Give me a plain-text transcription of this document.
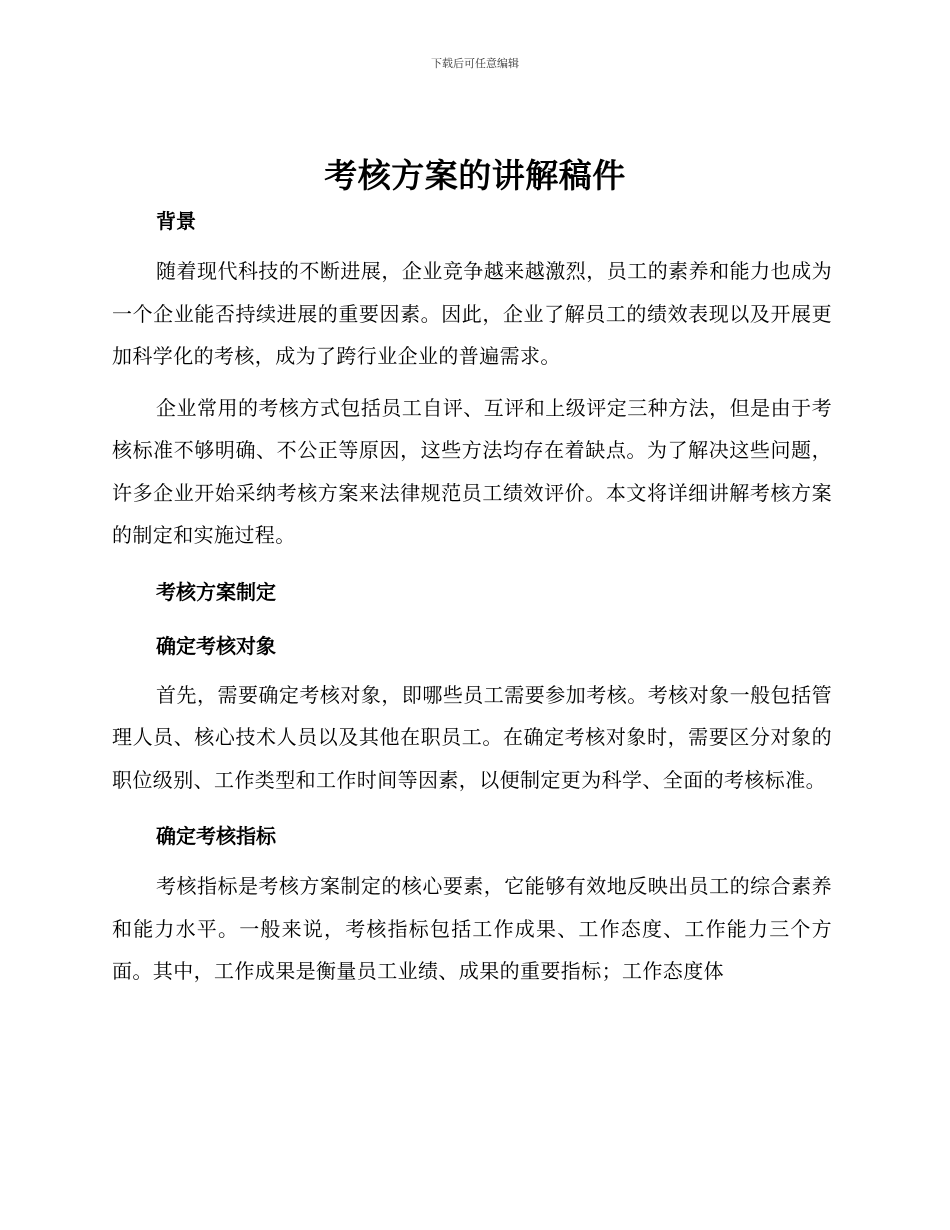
下载后可任意编辑
考核方案的讲解稿件

背景

随着现代科技的不断进展，企业竞争越来越激烈，员工的素养和能力也成为一个企业能否持续进展的重要因素。因此，企业了解员工的绩效表现以及开展更加科学化的考核，成为了跨行业企业的普遍需求。

企业常用的考核方式包括员工自评、互评和上级评定三种方法，但是由于考核标准不够明确、不公正等原因，这些方法均存在着缺点。为了解决这些问题，许多企业开始采纳考核方案来法律规范员工绩效评价。本文将详细讲解考核方案的制定和实施过程。

考核方案制定

确定考核对象

首先，需要确定考核对象，即哪些员工需要参加考核。考核对象一般包括管理人员、核心技术人员以及其他在职员工。在确定考核对象时，需要区分对象的职位级别、工作类型和工作时间等因素，以便制定更为科学、全面的考核标准。

确定考核指标

考核指标是考核方案制定的核心要素，它能够有效地反映出员工的综合素养和能力水平。一般来说，考核指标包括工作成果、工作态度、工作能力三个方面。其中，工作成果是衡量员工业绩、成果的重要指标；工作态度体
